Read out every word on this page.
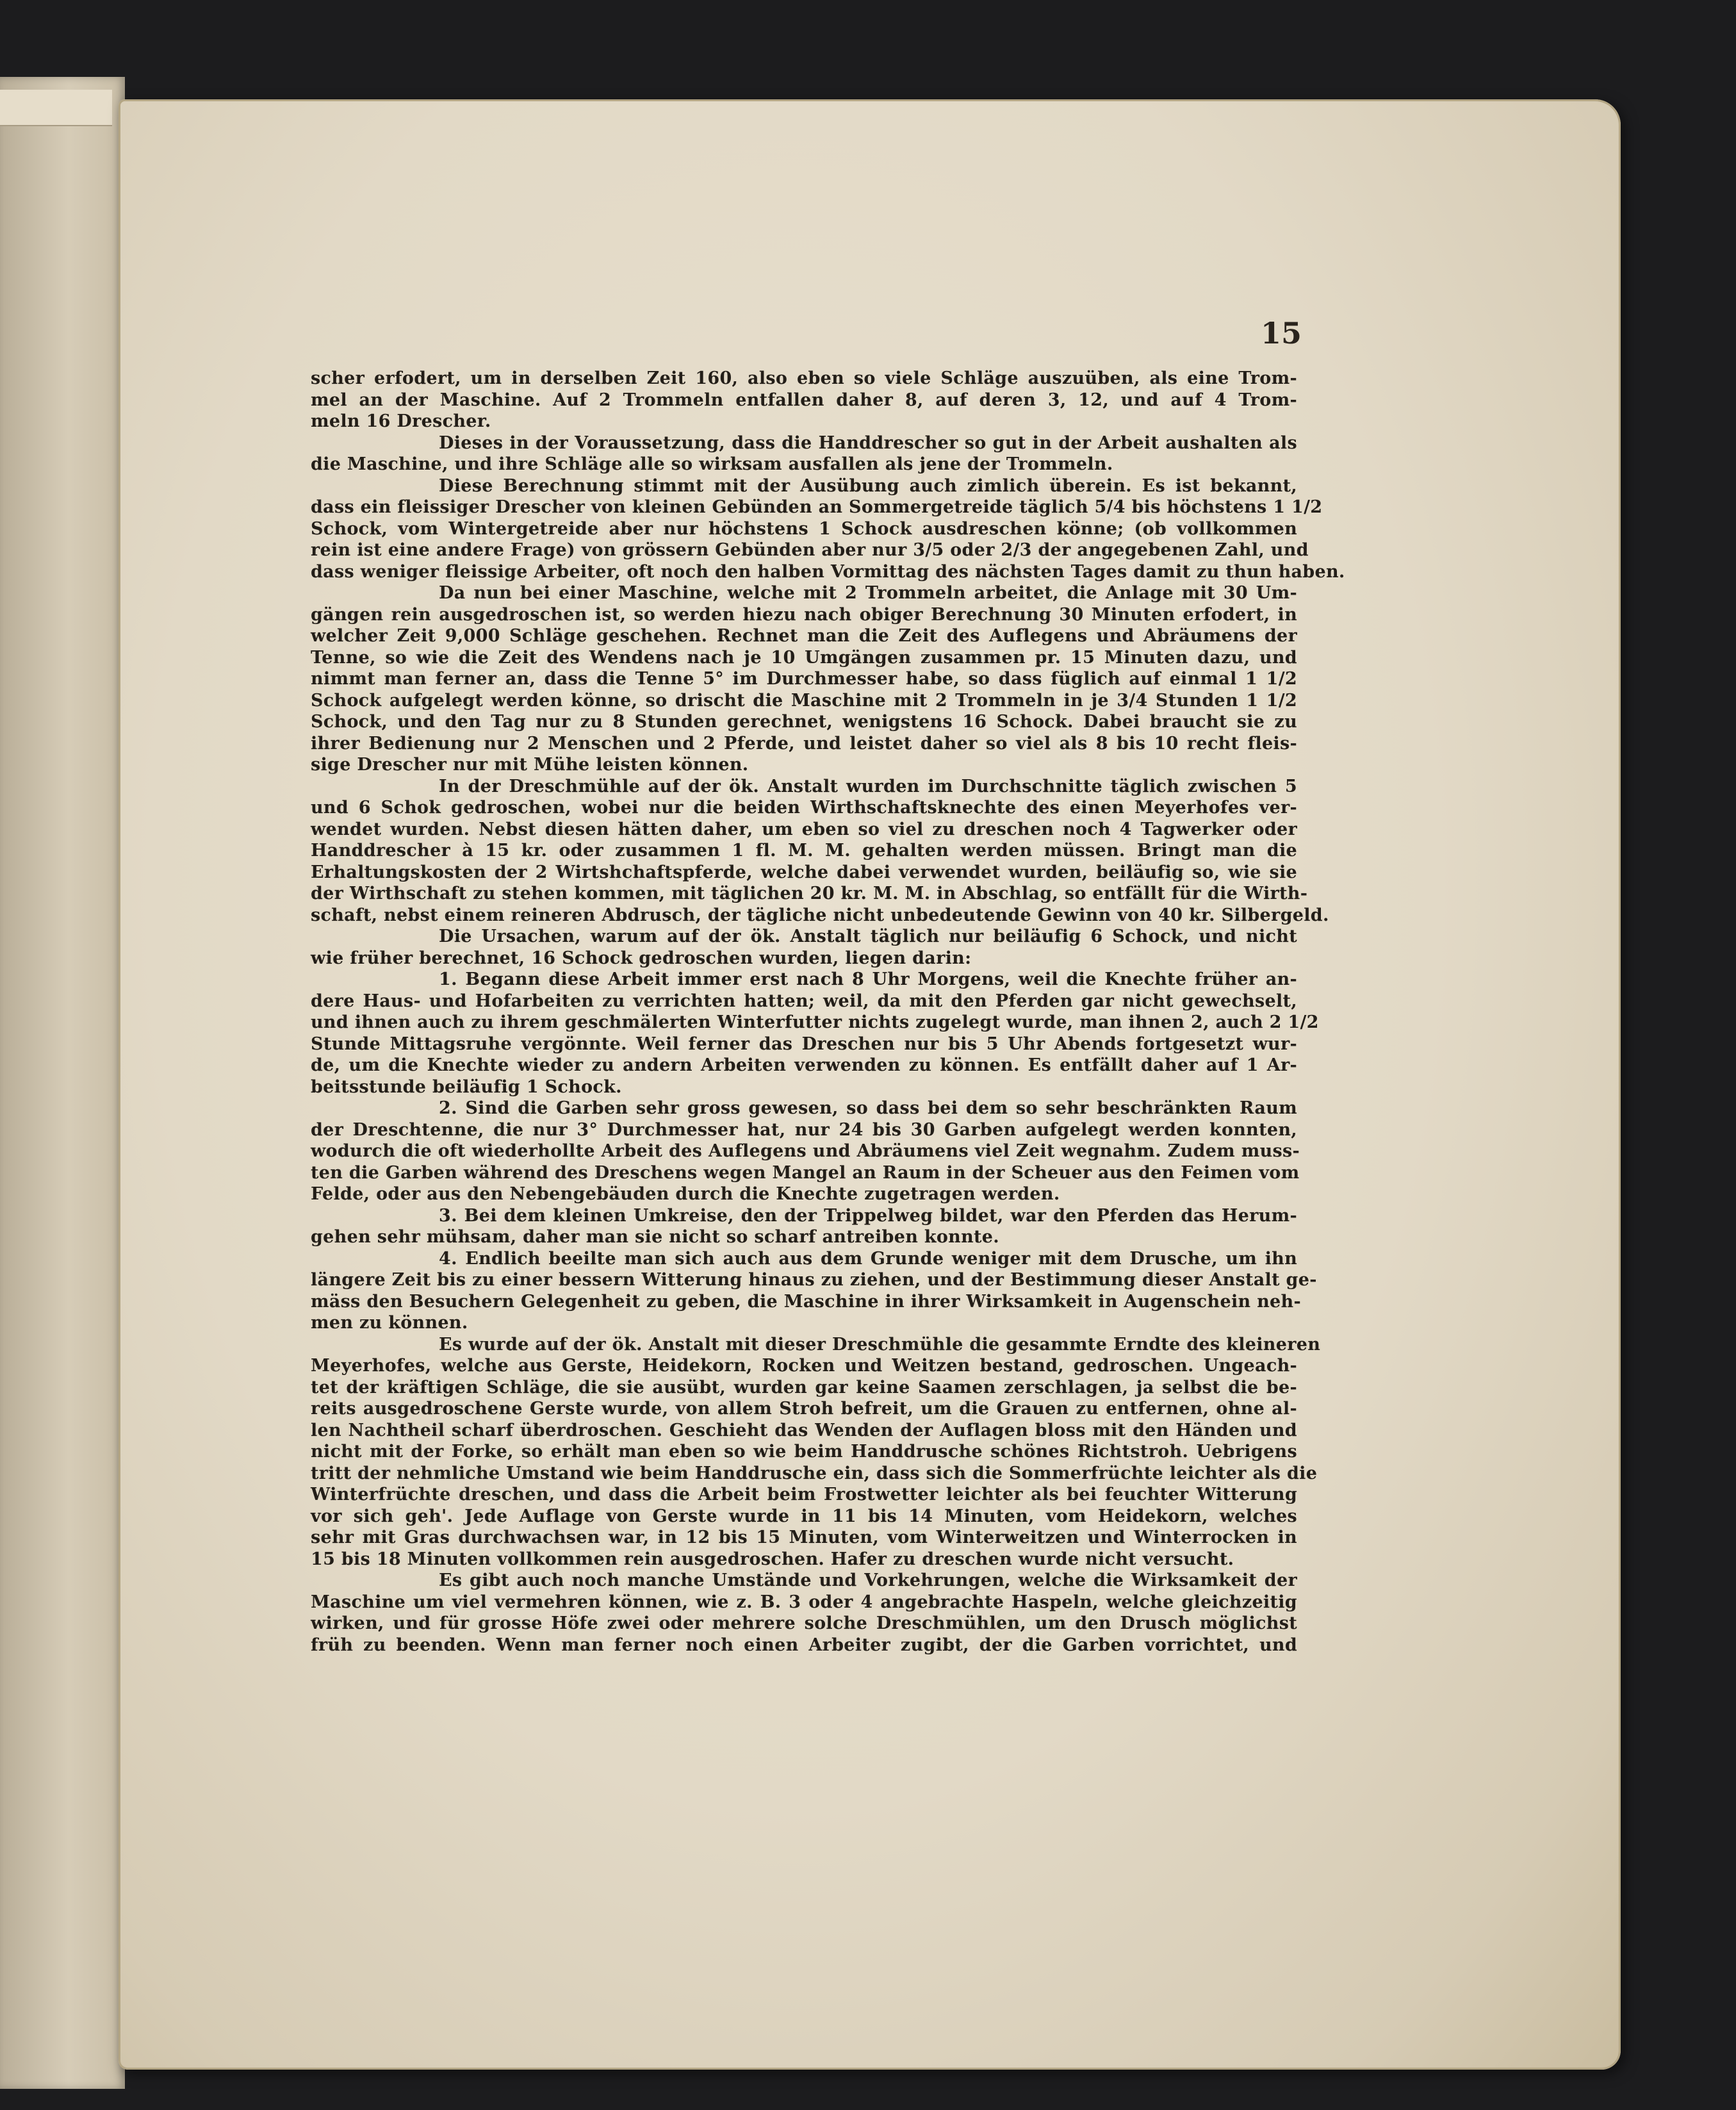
15
scher erfodert, um in derselben Zeit 160, also eben so viele Schläge auszuüben, als eine Trom-
mel an der Maschine. Auf 2 Trommeln entfallen daher 8, auf deren 3, 12, und auf 4 Trom-
meln 16 Drescher.
Dieses in der Voraussetzung, dass die Handdrescher so gut in der Arbeit aushalten als
die Maschine, und ihre Schläge alle so wirksam ausfallen als jene der Trommeln.
Diese Berechnung stimmt mit der Ausübung auch zimlich überein. Es ist bekannt,
dass ein fleissiger Drescher von kleinen Gebünden an Sommergetreide täglich 5/4 bis höchstens 1 1/2
Schock, vom Wintergetreide aber nur höchstens 1 Schock ausdreschen könne; (ob vollkommen
rein ist eine andere Frage) von grössern Gebünden aber nur 3/5 oder 2/3 der angegebenen Zahl, und
dass weniger fleissige Arbeiter, oft noch den halben Vormittag des nächsten Tages damit zu thun haben.
Da nun bei einer Maschine, welche mit 2 Trommeln arbeitet, die Anlage mit 30 Um-
gängen rein ausgedroschen ist, so werden hiezu nach obiger Berechnung 30 Minuten erfodert, in
welcher Zeit 9,000 Schläge geschehen. Rechnet man die Zeit des Auflegens und Abräumens der
Tenne, so wie die Zeit des Wendens nach je 10 Umgängen zusammen pr. 15 Minuten dazu, und
nimmt man ferner an, dass die Tenne 5° im Durchmesser habe, so dass füglich auf einmal 1 1/2
Schock aufgelegt werden könne, so drischt die Maschine mit 2 Trommeln in je 3/4 Stunden 1 1/2
Schock, und den Tag nur zu 8 Stunden gerechnet, wenigstens 16 Schock. Dabei braucht sie zu
ihrer Bedienung nur 2 Menschen und 2 Pferde, und leistet daher so viel als 8 bis 10 recht fleis-
sige Drescher nur mit Mühe leisten können.
In der Dreschmühle auf der ök. Anstalt wurden im Durchschnitte täglich zwischen 5
und 6 Schok gedroschen, wobei nur die beiden Wirthschaftsknechte des einen Meyerhofes ver-
wendet wurden. Nebst diesen hätten daher, um eben so viel zu dreschen noch 4 Tagwerker oder
Handdrescher à 15 kr. oder zusammen 1 fl. M. M. gehalten werden müssen. Bringt man die
Erhaltungskosten der 2 Wirtshchaftspferde, welche dabei verwendet wurden, beiläufig so, wie sie
der Wirthschaft zu stehen kommen, mit täglichen 20 kr. M. M. in Abschlag, so entfällt für die Wirth-
schaft, nebst einem reineren Abdrusch, der tägliche nicht unbedeutende Gewinn von 40 kr. Silbergeld.
Die Ursachen, warum auf der ök. Anstalt täglich nur beiläufig 6 Schock, und nicht
wie früher berechnet, 16 Schock gedroschen wurden, liegen darin:
1. Begann diese Arbeit immer erst nach 8 Uhr Morgens, weil die Knechte früher an-
dere Haus- und Hofarbeiten zu verrichten hatten; weil, da mit den Pferden gar nicht gewechselt,
und ihnen auch zu ihrem geschmälerten Winterfutter nichts zugelegt wurde, man ihnen 2, auch 2 1/2
Stunde Mittagsruhe vergönnte. Weil ferner das Dreschen nur bis 5 Uhr Abends fortgesetzt wur-
de, um die Knechte wieder zu andern Arbeiten verwenden zu können. Es entfällt daher auf 1 Ar-
beitsstunde beiläufig 1 Schock.
2. Sind die Garben sehr gross gewesen, so dass bei dem so sehr beschränkten Raum
der Dreschtenne, die nur 3° Durchmesser hat, nur 24 bis 30 Garben aufgelegt werden konnten,
wodurch die oft wiederhollte Arbeit des Auflegens und Abräumens viel Zeit wegnahm. Zudem muss-
ten die Garben während des Dreschens wegen Mangel an Raum in der Scheuer aus den Feimen vom
Felde, oder aus den Nebengebäuden durch die Knechte zugetragen werden.
3. Bei dem kleinen Umkreise, den der Trippelweg bildet, war den Pferden das Herum-
gehen sehr mühsam, daher man sie nicht so scharf antreiben konnte.
4. Endlich beeilte man sich auch aus dem Grunde weniger mit dem Drusche, um ihn
längere Zeit bis zu einer bessern Witterung hinaus zu ziehen, und der Bestimmung dieser Anstalt ge-
mäss den Besuchern Gelegenheit zu geben, die Maschine in ihrer Wirksamkeit in Augenschein neh-
men zu können.
Es wurde auf der ök. Anstalt mit dieser Dreschmühle die gesammte Erndte des kleineren
Meyerhofes, welche aus Gerste, Heidekorn, Rocken und Weitzen bestand, gedroschen. Ungeach-
tet der kräftigen Schläge, die sie ausübt, wurden gar keine Saamen zerschlagen, ja selbst die be-
reits ausgedroschene Gerste wurde, von allem Stroh befreit, um die Grauen zu entfernen, ohne al-
len Nachtheil scharf überdroschen. Geschieht das Wenden der Auflagen bloss mit den Händen und
nicht mit der Forke, so erhält man eben so wie beim Handdrusche schönes Richtstroh. Uebrigens
tritt der nehmliche Umstand wie beim Handdrusche ein, dass sich die Sommerfrüchte leichter als die
Winterfrüchte dreschen, und dass die Arbeit beim Frostwetter leichter als bei feuchter Witterung
vor sich geh'. Jede Auflage von Gerste wurde in 11 bis 14 Minuten, vom Heidekorn, welches
sehr mit Gras durchwachsen war, in 12 bis 15 Minuten, vom Winterweitzen und Winterrocken in
15 bis 18 Minuten vollkommen rein ausgedroschen. Hafer zu dreschen wurde nicht versucht.
Es gibt auch noch manche Umstände und Vorkehrungen, welche die Wirksamkeit der
Maschine um viel vermehren können, wie z. B. 3 oder 4 angebrachte Haspeln, welche gleichzeitig
wirken, und für grosse Höfe zwei oder mehrere solche Dreschmühlen, um den Drusch möglichst
früh zu beenden. Wenn man ferner noch einen Arbeiter zugibt, der die Garben vorrichtet, und
